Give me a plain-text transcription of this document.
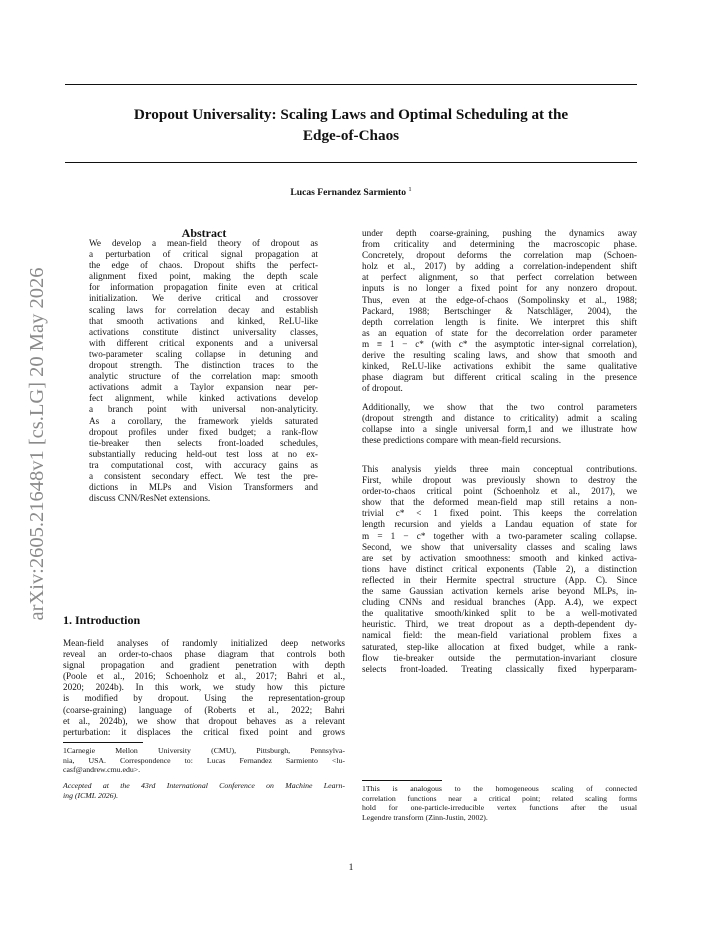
Dropout Universality: Scaling Laws and Optimal Scheduling at the
Edge-of-Chaos
Lucas Fernandez Sarmiento $^1$
arXiv:2605.21648v1 [cs.LG] 20 May 2026
Abstract
We develop a mean-field theory of dropout as
a perturbation of critical signal propagation at
the edge of chaos. Dropout shifts the perfect-
alignment fixed point, making the depth scale
for information propagation finite even at critical
initialization. We derive critical and crossover
scaling laws for correlation decay and establish
that smooth activations and kinked, ReLU-like
activations constitute distinct universality classes,
with different critical exponents and a universal
two-parameter scaling collapse in detuning and
dropout strength. The distinction traces to the
analytic structure of the correlation map: smooth
activations admit a Taylor expansion near per-
fect alignment, while kinked activations develop
a branch point with universal non-analyticity.
As a corollary, the framework yields saturated
dropout profiles under fixed budget; a rank-flow
tie-breaker then selects front-loaded schedules,
substantially reducing held-out test loss at no ex-
tra computational cost, with accuracy gains as
a consistent secondary effect. We test the pre-
dictions in MLPs and Vision Transformers and
discuss CNN/ResNet extensions.
1. Introduction
Mean-field analyses of randomly initialized deep networks
reveal an order-to-chaos phase diagram that controls both
signal propagation and gradient penetration with depth
(Poole et al., 2016; Schoenholz et al., 2017; Bahri et al.,
2020; 2024b). In this work, we study how this picture
is modified by dropout. Using the representation-group
(coarse-graining) language of (Roberts et al., 2022; Bahri
et al., 2024b), we show that dropout behaves as a relevant
perturbation: it displaces the critical fixed point and grows
1Carnegie Mellon University (CMU), Pittsburgh, Pennsylva-
nia, USA. Correspondence to: Lucas Fernandez Sarmiento <lu-
casf@andrew.cmu.edu>.
Accepted at the 43rd International Conference on Machine Learn-
ing (ICML 2026).
under depth coarse-graining, pushing the dynamics away
from criticality and determining the macroscopic phase.
Concretely, dropout deforms the correlation map (Schoen-
holz et al., 2017) by adding a correlation-independent shift
at perfect alignment, so that perfect correlation between
inputs is no longer a fixed point for any nonzero dropout.
Thus, even at the edge-of-chaos (Sompolinsky et al., 1988;
Packard, 1988; Bertschinger & Natschläger, 2004), the
depth correlation length is finite. We interpret this shift
as an equation of state for the decorrelation order parameter
m ≡ 1 − c* (with c* the asymptotic inter-signal correlation),
derive the resulting scaling laws, and show that smooth and
kinked, ReLU-like activations exhibit the same qualitative
phase diagram but different critical scaling in the presence
of dropout.
Additionally, we show that the two control parameters
(dropout strength and distance to criticality) admit a scaling
collapse into a single universal form,1 and we illustrate how
these predictions compare with mean-field recursions.
This analysis yields three main conceptual contributions.
First, while dropout was previously shown to destroy the
order-to-chaos critical point (Schoenholz et al., 2017), we
show that the deformed mean-field map still retains a non-
trivial c* < 1 fixed point. This keeps the correlation
length recursion and yields a Landau equation of state for
m = 1 − c* together with a two-parameter scaling collapse.
Second, we show that universality classes and scaling laws
are set by activation smoothness: smooth and kinked activa-
tions have distinct critical exponents (Table 2), a distinction
reflected in their Hermite spectral structure (App. C). Since
the same Gaussian activation kernels arise beyond MLPs, in-
cluding CNNs and residual branches (App. A.4), we expect
the qualitative smooth/kinked split to be a well-motivated
heuristic. Third, we treat dropout as a depth-dependent dy-
namical field: the mean-field variational problem fixes a
saturated, step-like allocation at fixed budget, while a rank-
flow tie-breaker outside the permutation-invariant closure
selects front-loaded. Treating classically fixed hyperparam-
1This is analogous to the homogeneous scaling of connected
correlation functions near a critical point; related scaling forms
hold for one-particle-irreducible vertex functions after the usual
Legendre transform (Zinn-Justin, 2002).
1
